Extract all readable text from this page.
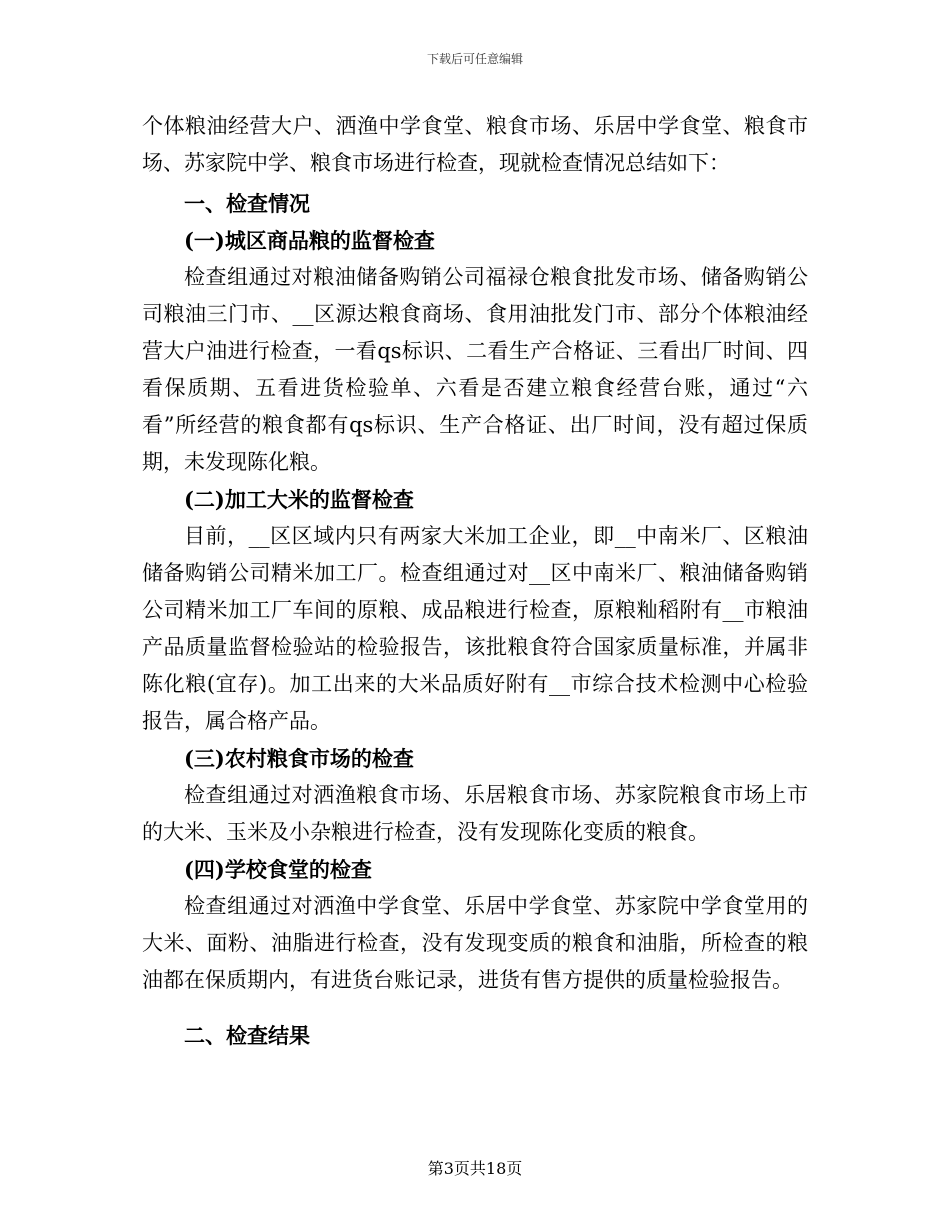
下载后可任意编辑

个体粮油经营大户、洒渔中学食堂、粮食市场、乐居中学食堂、粮食市场、苏家院中学、粮食市场进行检查，现就检查情况总结如下：

一、检查情况

(一)城区商品粮的监督检查

检查组通过对粮油储备购销公司福禄仓粮食批发市场、储备购销公司粮油三门市、__区源达粮食商场、食用油批发门市、部分个体粮油经营大户油进行检查，一看qs标识、二看生产合格证、三看出厂时间、四看保质期、五看进货检验单、六看是否建立粮食经营台账，通过“六看”所经营的粮食都有qs标识、生产合格证、出厂时间，没有超过保质期，未发现陈化粮。

(二)加工大米的监督检查

目前，__区区域内只有两家大米加工企业，即__中南米厂、区粮油储备购销公司精米加工厂。检查组通过对__区中南米厂、粮油储备购销公司精米加工厂车间的原粮、成品粮进行检查，原粮籼稻附有__市粮油产品质量监督检验站的检验报告，该批粮食符合国家质量标准，并属非陈化粮(宜存)。加工出来的大米品质好附有__市综合技术检测中心检验报告，属合格产品。

(三)农村粮食市场的检查

检查组通过对洒渔粮食市场、乐居粮食市场、苏家院粮食市场上市的大米、玉米及小杂粮进行检查，没有发现陈化变质的粮食。

(四)学校食堂的检查

检查组通过对洒渔中学食堂、乐居中学食堂、苏家院中学食堂用的大米、面粉、油脂进行检查，没有发现变质的粮食和油脂，所检查的粮油都在保质期内，有进货台账记录，进货有售方提供的质量检验报告。

二、检查结果

第3页共18页
